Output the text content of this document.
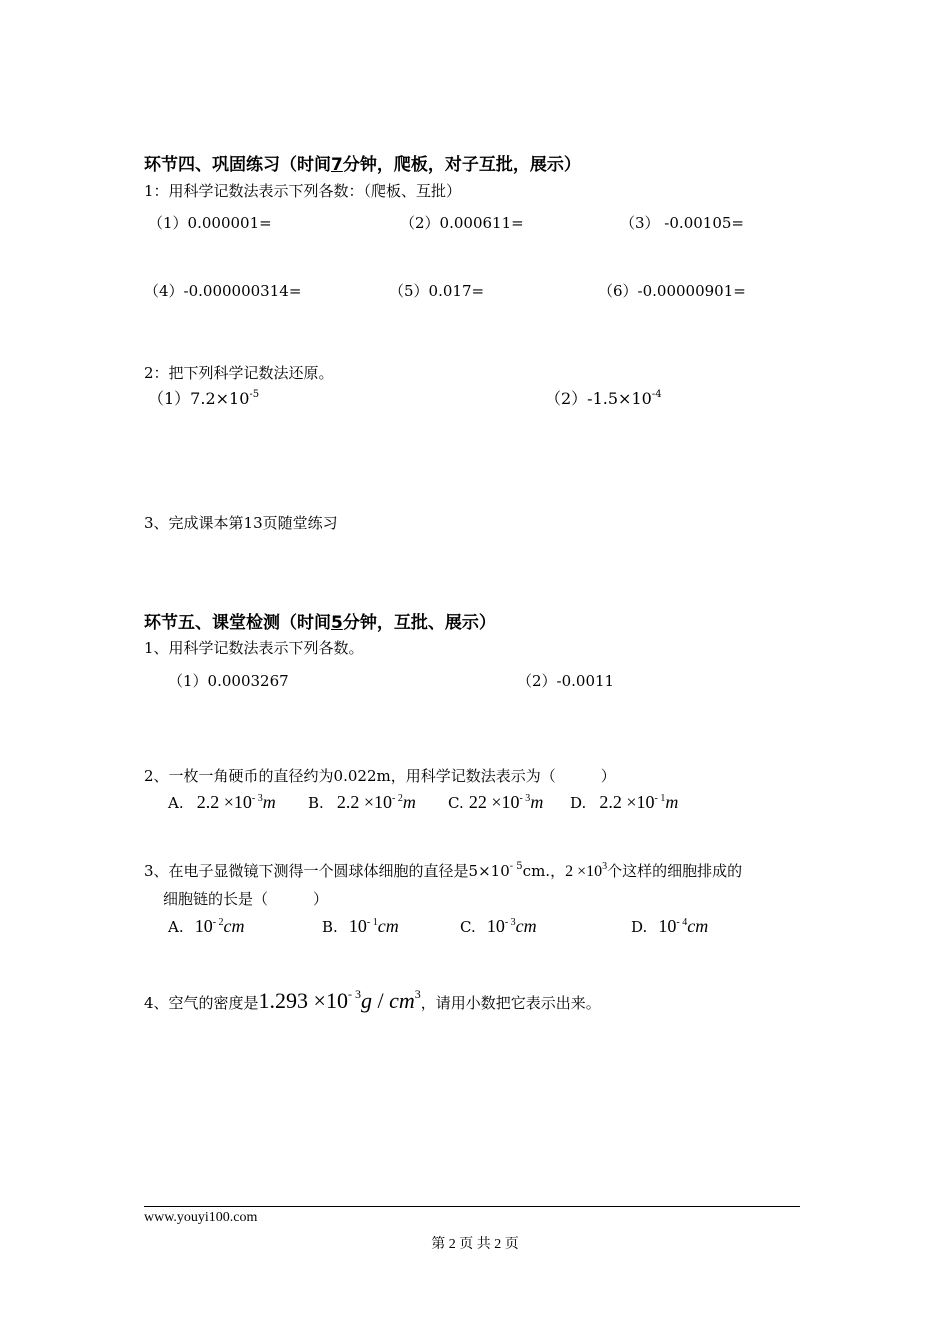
环节四、巩固练习（时间7分钟，爬板，对子互批，展示）
1：用科学记数法表示下列各数：（爬板、互批）
（1）0.000001=	（2）0.000611=	（3） -0.00105=
（4）-0.000000314=	（5）0.017=	（6）-0.00000901=
2：把下列科学记数法还原。
$(1)7.2\times 10^{-5}$	$(2)-1.5\times 10^{-4}$
3、完成课本第13页随堂练习
环节五、课堂检测（时间5分钟，互批、展示）
1、用科学记数法表示下列各数。
（1）0.0003267	（2）-0.0011
2、一枚一角硬币的直径约为0.022m，用科学记数法表示为（　　　）
A. $2.2 \times 10^{- 3}m$ B. $2.2 \times 10^{- 2}m$ C. $22 \times 10^{- 3}m$ D. $2.2 \times 10^{- 1}m$
3、在电子显微镜下测得一个圆球体细胞的直径是$5\times 10^{- 5}cm$.，$2 \times 10^3$个这样的细胞排成的
细胞链的长是（　　　）
A. $10^{- 2}cm$	B. $10^{- 1}cm$	C. $10^{- 3}cm$	D. $10^{- 4}cm$
4、空气的密度是$1.293 \times 10^{- 3}g / cm^3$，请用小数把它表示出来。
www.youyi100.com
第 2 页 共 2 页
